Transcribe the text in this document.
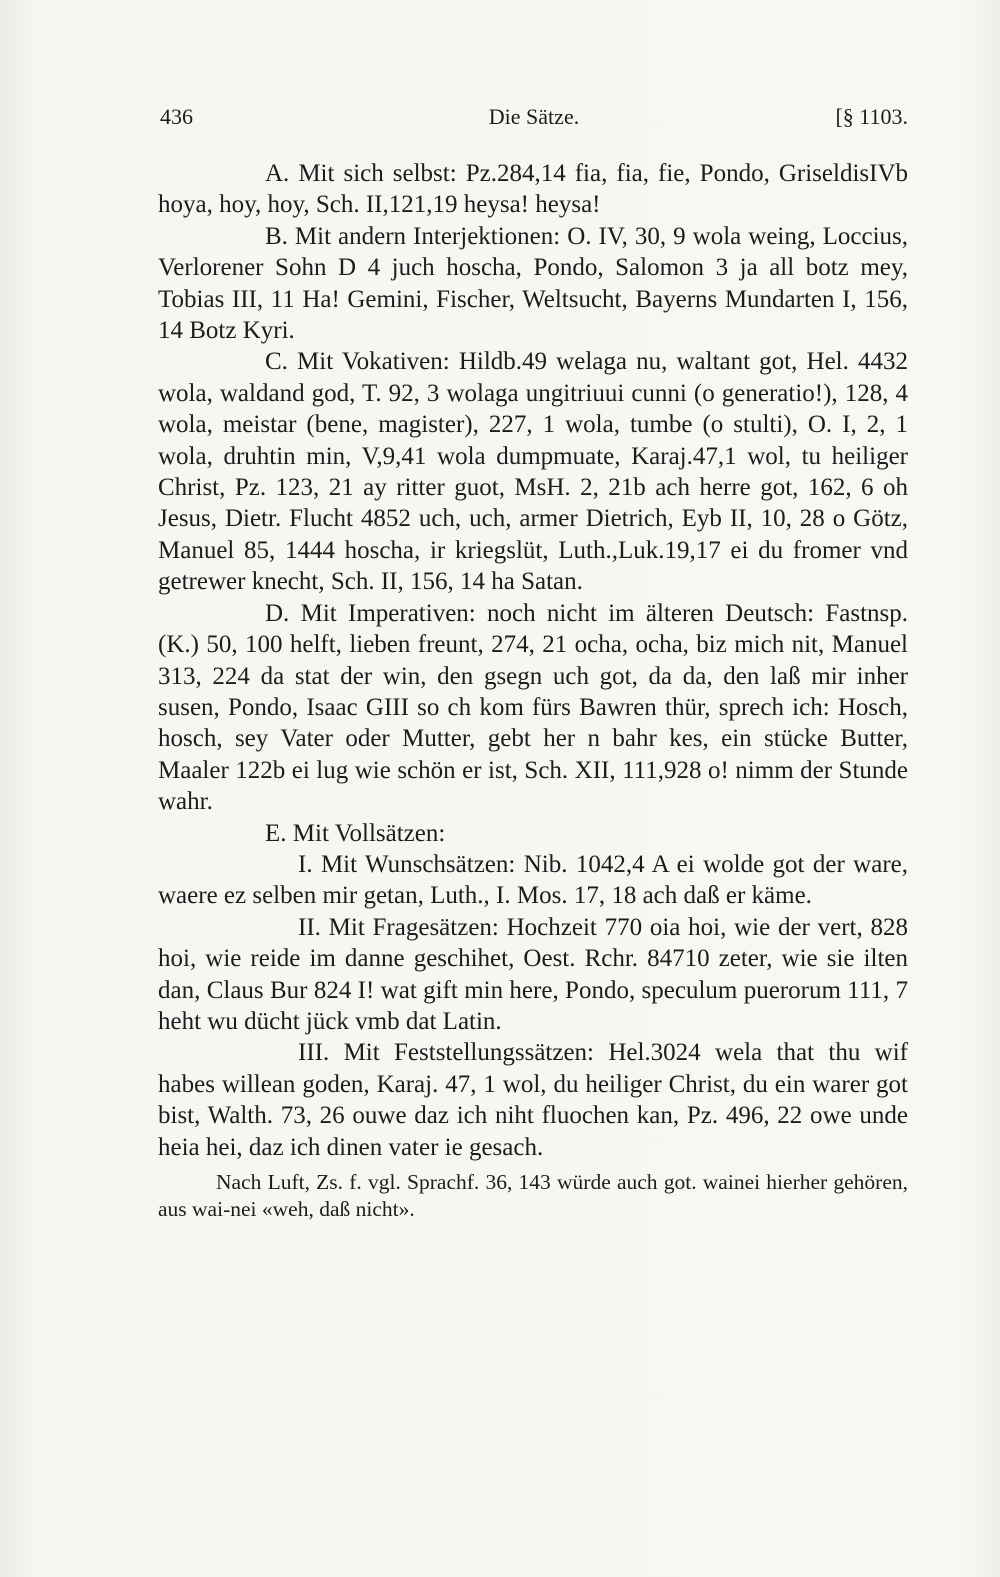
436	Die Sätze.	[§ 1103.

A. Mit sich selbst: Pz.284,14 fia, fia, fie, Pondo, GriseldisIVb hoya, hoy, hoy, Sch. II,121,19 heysa! heysa!

B. Mit andern Interjektionen: O. IV, 30, 9 wola weing, Loccius, Verlorener Sohn D 4 juch hoscha, Pondo, Salomon 3 ja all botz mey, Tobias III, 11 Ha! Gemini, Fischer, Weltsucht, Bayerns Mundarten I, 156, 14 Botz Kyri.

C. Mit Vokativen: Hildb.49 welaga nu, waltant got, Hel. 4432 wola, waldand god, T. 92, 3 wolaga ungitriuui cunni (o generatio!), 128, 4 wola, meistar (bene, magister), 227, 1 wola, tumbe (o stulti), O. I, 2, 1 wola, druhtin min, V,9,41 wola dumpmuate, Karaj.47,1 wol, tu heiliger Christ, Pz. 123, 21 ay ritter guot, MsH. 2, 21b ach herre got, 162, 6 oh Jesus, Dietr. Flucht 4852 uch, uch, armer Dietrich, Eyb II, 10, 28 o Götz, Manuel 85, 1444 hoscha, ir kriegslüt, Luth.,Luk.19,17 ei du fromer vnd getrewer knecht, Sch. II, 156, 14 ha Satan.

D. Mit Imperativen: noch nicht im älteren Deutsch: Fastnsp. (K.) 50, 100 helft, lieben freunt, 274, 21 ocha, ocha, biz mich nit, Manuel 313, 224 da stat der win, den gsegn uch got, da da, den laß mir inher susen, Pondo, Isaac GIII so ch kom fürs Bawren thür, sprech ich: Hosch, hosch, sey Vater oder Mutter, gebt her n bahr kes, ein stücke Butter, Maaler 122b ei lug wie schön er ist, Sch. XII, 111,928 o! nimm der Stunde wahr.

E. Mit Vollsätzen:

I. Mit Wunschsätzen: Nib. 1042,4 A ei wolde got der ware, waere ez selben mir getan, Luth., I. Mos. 17, 18 ach daß er käme.

II. Mit Fragesätzen: Hochzeit 770 oia hoi, wie der vert, 828 hoi, wie reide im danne geschihet, Oest. Rchr. 84710 zeter, wie sie ilten dan, Claus Bur 824 I! wat gift min here, Pondo, speculum puerorum 111, 7 heht wu dücht jück vmb dat Latin.

III. Mit Feststellungssätzen: Hel.3024 wela that thu wif habes willean goden, Karaj. 47, 1 wol, du heiliger Christ, du ein warer got bist, Walth. 73, 26 ouwe daz ich niht fluochen kan, Pz. 496, 22 owe unde heia hei, daz ich dinen vater ie gesach.

Nach Luft, Zs. f. vgl. Sprachf. 36, 143 würde auch got. wainei hierher gehören, aus wai-nei «weh, daß nicht».
